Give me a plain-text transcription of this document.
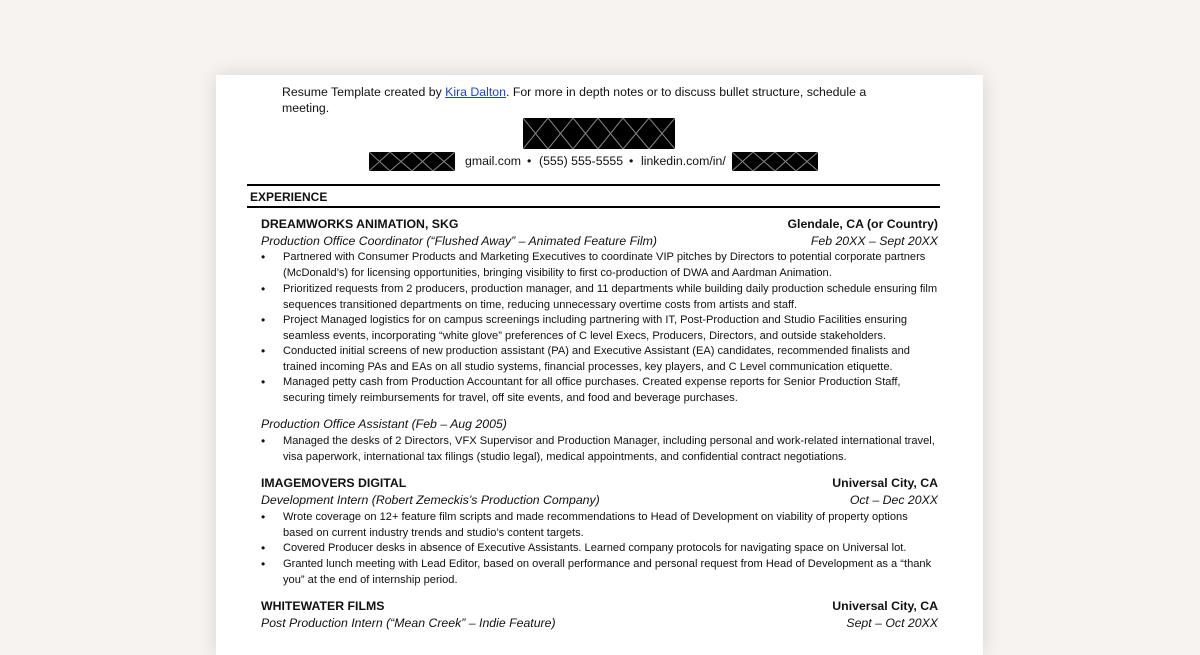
Resume Template created by Kira Dalton. For more in depth notes or to discuss bullet structure, schedule a meeting.
gmail.com • (555) 555-5555 • linkedin.com/in/
EXPERIENCE
DREAMWORKS ANIMATION, SKG	Glendale, CA (or Country)
Production Office Coordinator (“Flushed Away” – Animated Feature Film)	Feb 20XX – Sept 20XX
• Partnered with Consumer Products and Marketing Executives to coordinate VIP pitches by Directors to potential corporate partners (McDonald’s) for licensing opportunities, bringing visibility to first co-production of DWA and Aardman Animation.
• Prioritized requests from 2 producers, production manager, and 11 departments while building daily production schedule ensuring film sequences transitioned departments on time, reducing unnecessary overtime costs from artists and staff.
• Project Managed logistics for on campus screenings including partnering with IT, Post-Production and Studio Facilities ensuring seamless events, incorporating “white glove” preferences of C level Execs, Producers, Directors, and outside stakeholders.
• Conducted initial screens of new production assistant (PA) and Executive Assistant (EA) candidates, recommended finalists and trained incoming PAs and EAs on all studio systems, financial processes, key players, and C Level communication etiquette.
• Managed petty cash from Production Accountant for all office purchases. Created expense reports for Senior Production Staff, securing timely reimbursements for travel, off site events, and food and beverage purchases.
Production Office Assistant (Feb – Aug 2005)
• Managed the desks of 2 Directors, VFX Supervisor and Production Manager, including personal and work-related international travel, visa paperwork, international tax filings (studio legal), medical appointments, and confidential contract negotiations.
IMAGEMOVERS DIGITAL	Universal City, CA
Development Intern (Robert Zemeckis’s Production Company)	Oct – Dec 20XX
• Wrote coverage on 12+ feature film scripts and made recommendations to Head of Development on viability of property options based on current industry trends and studio’s content targets.
• Covered Producer desks in absence of Executive Assistants. Learned company protocols for navigating space on Universal lot.
• Granted lunch meeting with Lead Editor, based on overall performance and personal request from Head of Development as a “thank you” at the end of internship period.
WHITEWATER FILMS	Universal City, CA
Post Production Intern (“Mean Creek” – Indie Feature)	Sept – Oct 20XX
